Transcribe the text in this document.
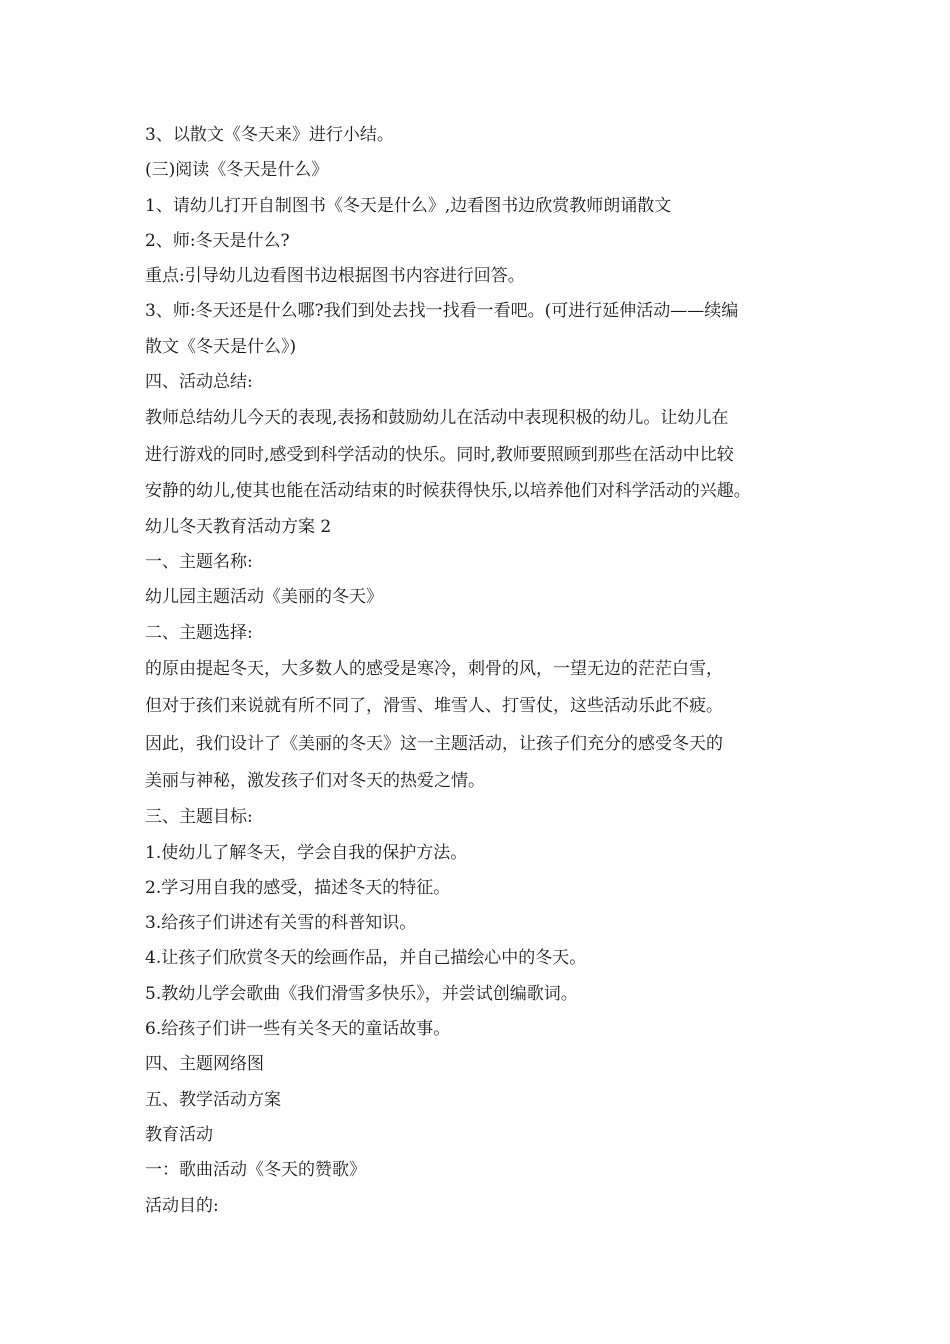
3、以散文《冬天来》进行小结。
(三)阅读《冬天是什么》
1、请幼儿打开自制图书《冬天是什么》,边看图书边欣赏教师朗诵散文
2、师:冬天是什么?
重点:引导幼儿边看图书边根据图书内容进行回答。
3、师:冬天还是什么哪?我们到处去找一找看一看吧。(可进行延伸活动——续编
散文《冬天是什么》)
四、活动总结:
教师总结幼儿今天的表现,表扬和鼓励幼儿在活动中表现积极的幼儿。让幼儿在
进行游戏的同时,感受到科学活动的快乐。同时,教师要照顾到那些在活动中比较
安静的幼儿,使其也能在活动结束的时候获得快乐,以培养他们对科学活动的兴趣。
幼儿冬天教育活动方案 2
一、主题名称:
幼儿园主题活动《美丽的冬天》
二、主题选择:
的原由提起冬天，大多数人的感受是寒冷，刺骨的风，一望无边的茫茫白雪，
但对于孩们来说就有所不同了，滑雪、堆雪人、打雪仗，这些活动乐此不疲。
因此，我们设计了《美丽的冬天》这一主题活动，让孩子们充分的感受冬天的
美丽与神秘，激发孩子们对冬天的热爱之情。
三、主题目标:
1.使幼儿了解冬天，学会自我的保护方法。
2.学习用自我的感受，描述冬天的特征。
3.给孩子们讲述有关雪的科普知识。
4.让孩子们欣赏冬天的绘画作品，并自己描绘心中的冬天。
5.教幼儿学会歌曲《我们滑雪多快乐》，并尝试创编歌词。
6.给孩子们讲一些有关冬天的童话故事。
四、主题网络图
五、教学活动方案
教育活动
一：歌曲活动《冬天的赞歌》
活动目的:
